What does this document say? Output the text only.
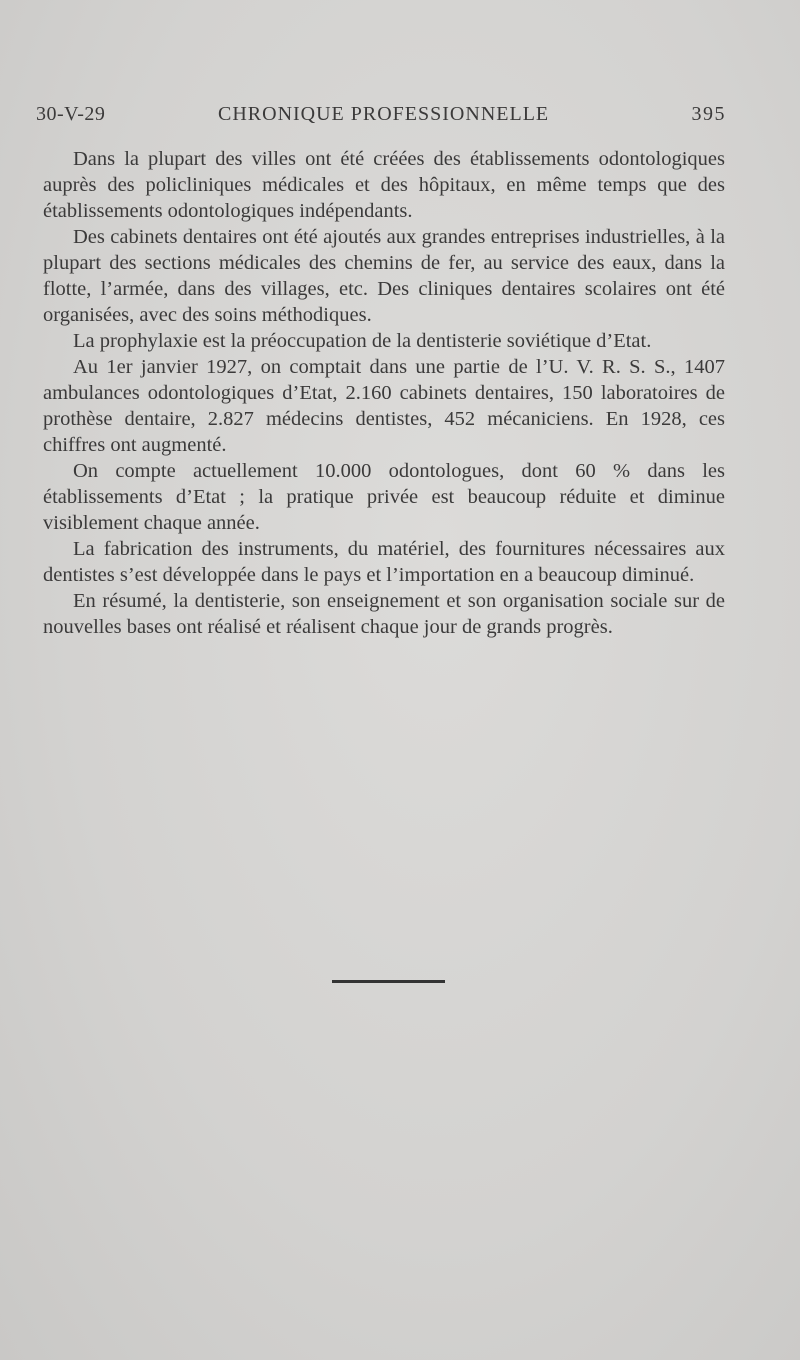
30-V-29	CHRONIQUE PROFESSIONNELLE	395

Dans la plupart des villes ont été créées des établissements odontologiques auprès des policliniques médicales et des hôpitaux, en même temps que des établissements odontologiques indépendants.

Des cabinets dentaires ont été ajoutés aux grandes entreprises industrielles, à la plupart des sections médicales des chemins de fer, au service des eaux, dans la flotte, l’armée, dans des villages, etc. Des cliniques dentaires scolaires ont été organisées, avec des soins méthodiques.

La prophylaxie est la préoccupation de la dentisterie soviétique d’Etat.

Au 1er janvier 1927, on comptait dans une partie de l’U. V. R. S. S., 1407 ambulances odontologiques d’Etat, 2.160 cabinets dentaires, 150 laboratoires de prothèse dentaire, 2.827 médecins dentistes, 452 mécaniciens. En 1928, ces chiffres ont augmenté.

On compte actuellement 10.000 odontologues, dont 60 % dans les établissements d’Etat ; la pratique privée est beaucoup réduite et diminue visiblement chaque année.

La fabrication des instruments, du matériel, des fournitures nécessaires aux dentistes s’est développée dans le pays et l’importation en a beaucoup diminué.

En résumé, la dentisterie, son enseignement et son organisation sociale sur de nouvelles bases ont réalisé et réalisent chaque jour de grands progrès.
